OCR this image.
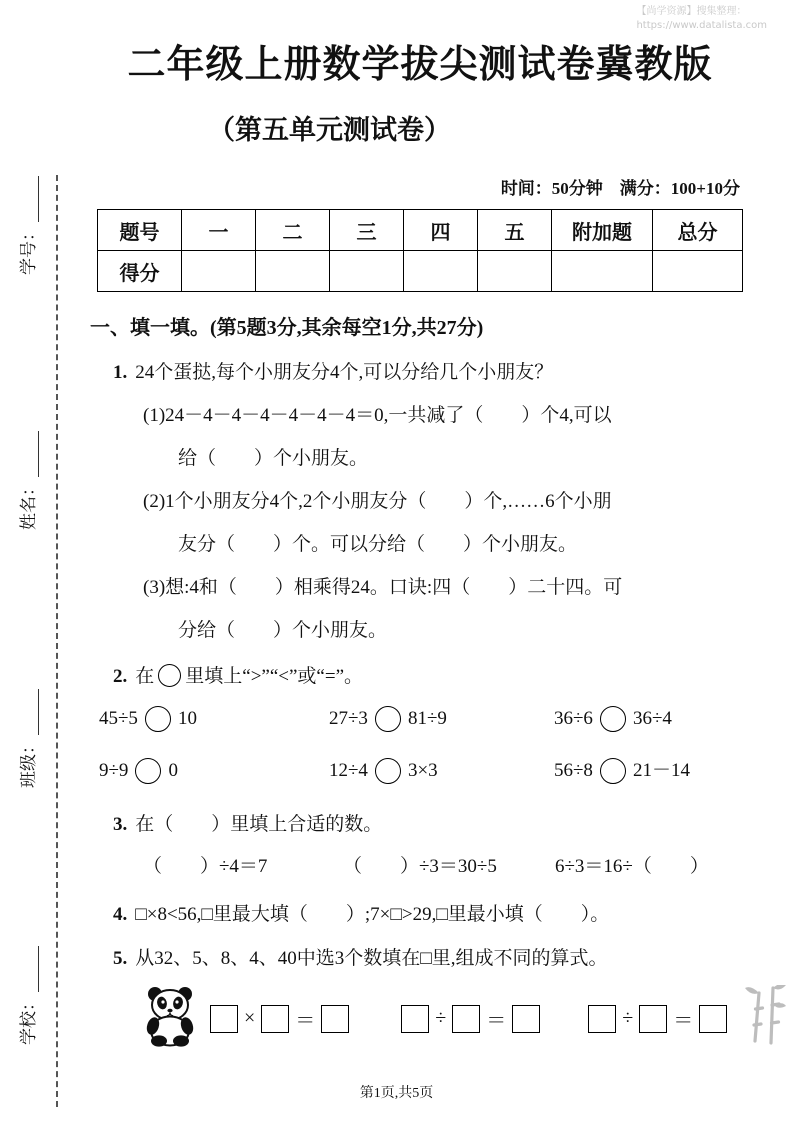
【尚学资源】搜集整理：
https://www.datalista.com
学号：
姓名：
班级：
学校：
二年级上册数学拔尖测试卷冀教版
（第五单元测试卷）
时间：50分钟　满分：100+10分
题号	一	二	三	四	五	附加题	总分
得分							
一、填一填。(第5题3分,其余每空1分,共27分)
1. 24个蛋挞,每个小朋友分4个,可以分给几个小朋友？
(1)24－4－4－4－4－4－4＝0,一共减了（　　）个4,可以
给（　　）个小朋友。
(2)1个小朋友分4个,2个小朋友分（　　）个,……6个小朋
友分（　　）个。可以分给（　　）个小朋友。
(3)想:4和（　　）相乘得24。口诀:四（　　）二十四。可
分给（　　）个小朋友。
2. 在 里填上“>”“<”或“=”。
45÷5 10	27÷3 81÷9	36÷6 36÷4
9÷9 0	12÷4 3×3	56÷8 21－14
3. 在（　　）里填上合适的数。
（　　）÷4＝7	（　　）÷3＝30÷5	6÷3＝16÷（　　）
4. □×8<56,□里最大填（　　）;7×□>29,□里最小填（　　）。
5. 从32、5、8、4、40中选3个数填在□里,组成不同的算式。
× ＝	÷ ＝	÷ ＝
第1页,共5页
